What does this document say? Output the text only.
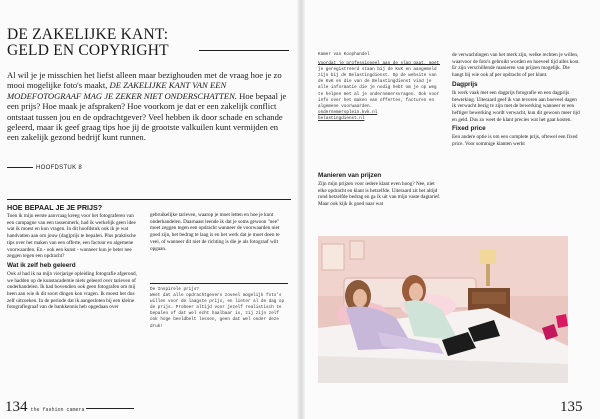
DE ZAKELIJKE KANT:
GELD EN COPYRIGHT

Al wil je je misschien het liefst alleen maar bezighouden met de vraag hoe je zo mooi mogelijke foto's maakt, DE ZAKELIJKE KANT VAN EEN MODEFOTOGRAAF MAG JE ZEKER NIET ONDERSCHATTEN. Hoe bepaal je een prijs? Hoe maak je afspraken? Hoe voorkom je dat er een zakelijk conflict ontstaat tussen jou en de opdrachtgever? Veel hebben ik door schade en schande geleerd, maar ik geef graag tips hoe jij de grootste valkuilen kunt vermijden en een zakelijk gezond bedrijf kunt runnen.

HOOFDSTUK 8
HOE BEPAAL JE JE PRIJS?

Toen ik mijn eerste aanvraag kreeg voor het fotograferen van een campagne van een tassenmerk, had ik werkelijk geen idee wat ik moest en kon vragen. In dit hoofdstuk ook ik je wat handvatten aan om jouw (dag)prijs te bepalen. Plus praktische tips over het maken van een offerte, een factuur en algemene voorwaarden. En - ook een kunst - wanneer kun je beter nee zeggen tegen een opdracht?

Wat ik zelf heb geleerd

Ook al had ik na mijn vierjarige opleiding fotografie afgerond, we hadden op de kunstacademie niets geleerd over tarieven of onderhandelen. Ik had bovendien ook geen fotografen om mij heen aan wie ik dit soort dingen kon vragen. Ik moest het dus zelf uitzoeken. In de periode dat ik aangesloten bij een kleine fotografiegraaf van de bankkennis heb opgedaan over

gebruikelijke tarieven, waarop je moet letten en hoe je kunt onderhandelen. Daarnaast leende ik dat je soms gewoon "nee" moet zeggen tegen een opdracht wanneer de voorwaarden niet goed zijn, het bedrag te laag is en het werk dat je moet doen te veel, of wanneer dit niet de richting is die je als fotograaf wilt opgaan.

De Inspirele prijs?

Weet dat alle opdrachtgevers zoveel mogelijk foto's willen voor de laagste prijs, en lieter al de dag op de prijs. Probeer altijd voor jezelf realistisch te bepalen of dat wel echt haalbaar is, zij zijn zelf ook hoge beeldbelt lessen, geen dat wel onder deze druk!

134 the fashion camera

Kamer van Koophandel

Voordat je professioneel aan de slag gaat, moet je geregistreerd staan bij de KvK en aangemeld zijn bij de Belastingdienst. Op de website van de KvK en die van de Belastingdienst vind je alle informatie die je nodig hebt om je op weg te helpen met al je ondernemersvragen. Ook voor info over het maken van offertes, facturen en algemene voorwaarden.

ondernemersplein.kvk.nl

belastingdienst.nl

Manieren van prijzen

Zijn mijn prijzen voor iedere klant even hoog? Nee, niet elke opdracht en klant is hetzelfde. Uiteraard zit het altijd rond hetzelfde bedrag en ga ik uit van mijn vaste dagtarief. Maar ook kijk ik goed naar wat

de verwachtingen van het merk zijn, welke rechten je willen, waarvoor de foto's gebruikt worden en hoeveel tijd alles kost. Er zijn verschillende manieren van prijzen mogelijk. Die hangt bij wie ook af per opdracht of per klant.

Dagprijs

Ik werk vaak met een dagprijs fotografie en een dagprijs bewerking. Uiteraard geef ik van tevoren aan hoeveel dagen ik verwacht bezig te zijn met de bewerking wanneer er een heftiger bewerking wordt verwacht, kun dit gewoon meer tijd en geld. Dus zo weet de klant precies wat het gaat kosten.

Fixed price

Een andere optie is om een complete prijs, oftewel een fixed price. Voor sommige klanten werkt

135
